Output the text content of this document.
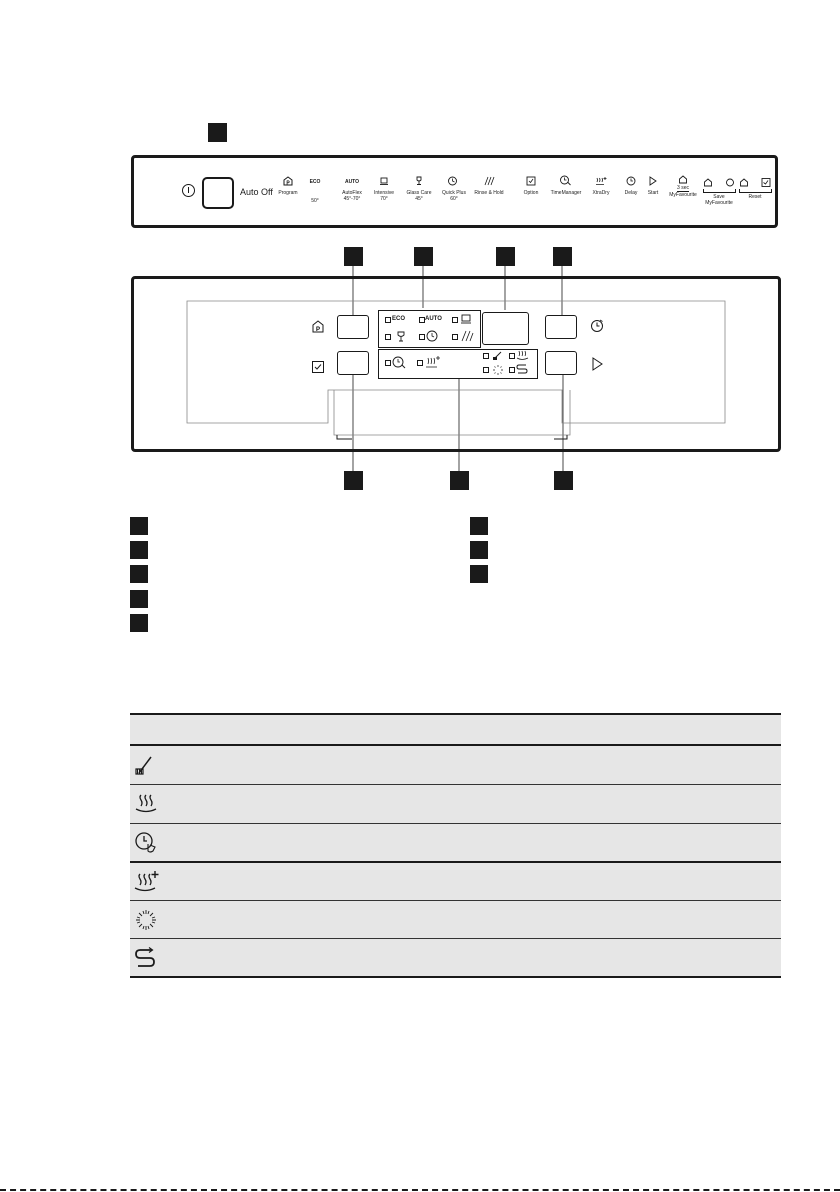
Auto Off
P
Program
ECO
50°
AUTO
AutoFlex
45°-70°
Intensive
70°
Glass Care
45°
Quick Plus
60°
Rinse & Hold	Option TimeManager XtraDry	Delay Start
3 sec
MyFavourite	Save
MyFavourite
Reset
P
ECO	AUTO
